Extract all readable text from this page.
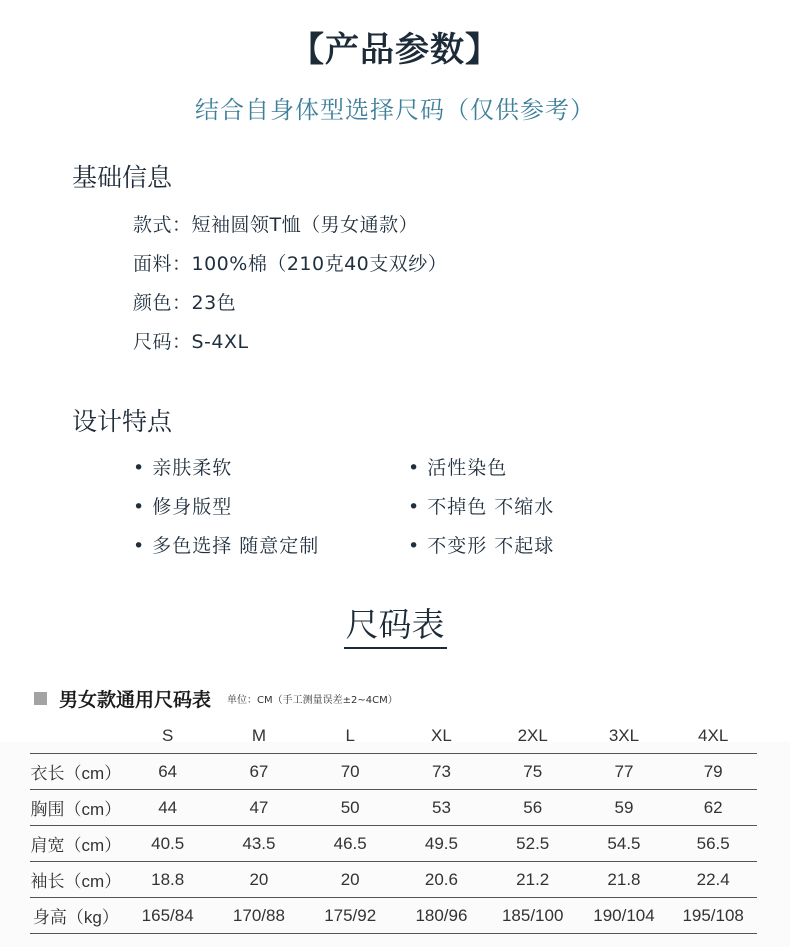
【产品参数】
结合自身体型选择尺码（仅供参考）
基础信息
款式：短袖圆领T恤（男女通款）
面料：100%棉（210克40支双纱）
颜色：23色
尺码：S-4XL
设计特点
• 亲肤柔软
• 修身版型
• 多色选择 随意定制
• 活性染色
• 不掉色 不缩水
• 不变形 不起球
尺码表
男女款通用尺码表 单位：CM（手工测量误差±2~4CM）
	S	M	L	XL	2XL	3XL	4XL
衣长（cm）	64	67	70	73	75	77	79
胸围（cm）	44	47	50	53	56	59	62
肩宽（cm）	40.5	43.5	46.5	49.5	52.5	54.5	56.5
袖长（cm）	18.8	20	20	20.6	21.2	21.8	22.4
身高（kg）	165/84	170/88	175/92	180/96	185/100	190/104	195/108
